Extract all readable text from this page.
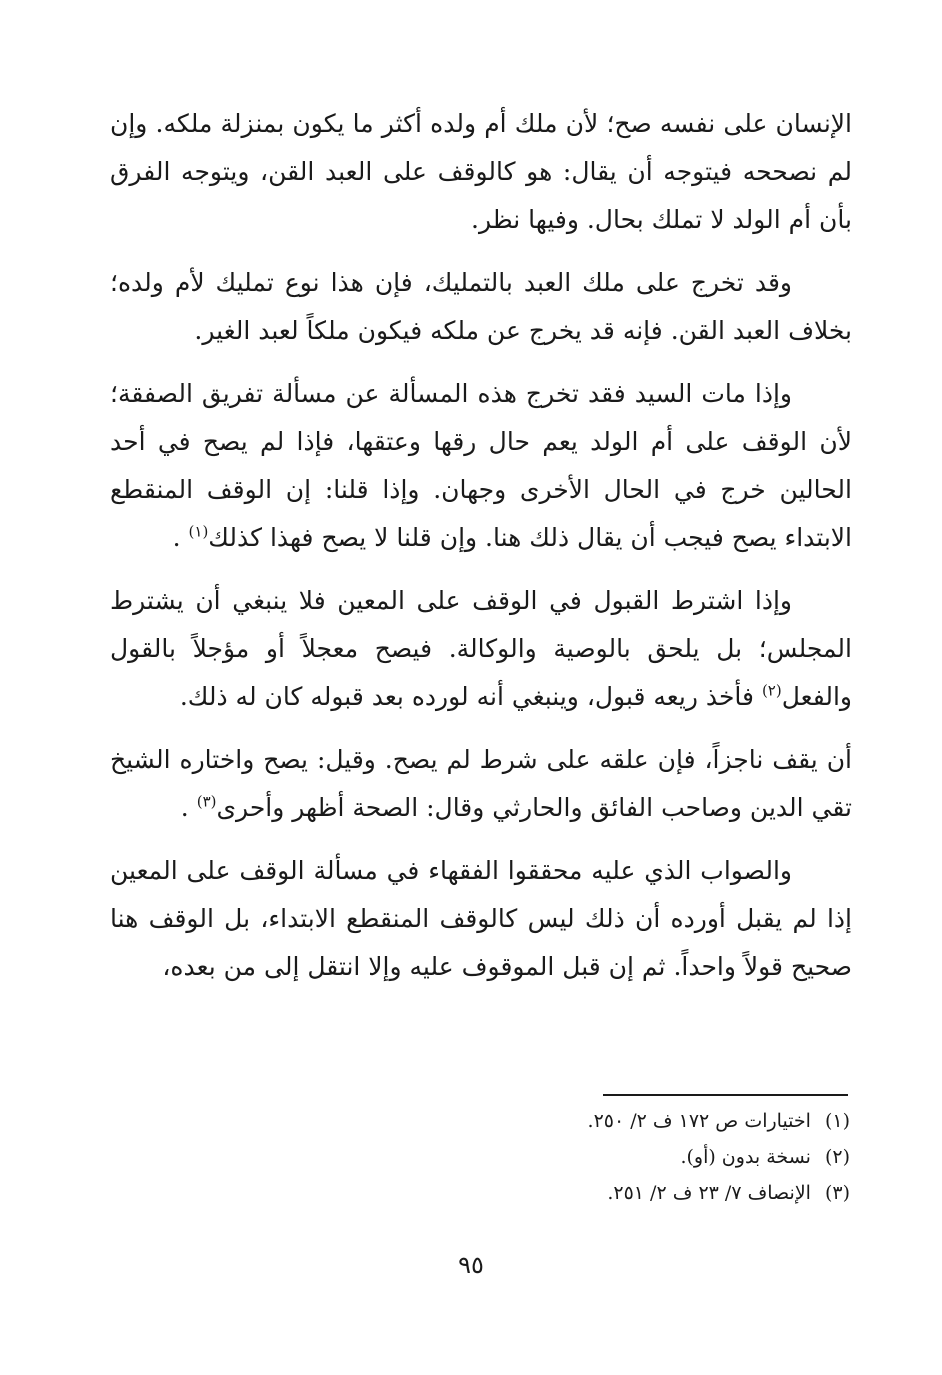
الإنسان على نفسه صح؛ لأن ملك أم ولده أكثر ما يكون بمنزلة ملكه. وإن لم نصححه فيتوجه أن يقال: هو كالوقف على العبد القن، ويتوجه الفرق بأن أم الولد لا تملك بحال. وفيها نظر.

وقد تخرج على ملك العبد بالتمليك، فإن هذا نوع تمليك لأم ولده؛ بخلاف العبد القن. فإنه قد يخرج عن ملكه فيكون ملكاً لعبد الغير.

وإذا مات السيد فقد تخرج هذه المسألة عن مسألة تفريق الصفقة؛ لأن الوقف على أم الولد يعم حال رقها وعتقها، فإذا لم يصح في أحد الحالين خرج في الحال الأخرى وجهان. وإذا قلنا: إن الوقف المنقطع الابتداء يصح فيجب أن يقال ذلك هنا. وإن قلنا لا يصح فهذا كذلك$^{(١)}$ .

وإذا اشترط القبول في الوقف على المعين فلا ينبغي أن يشترط المجلس؛ بل يلحق بالوصية والوكالة. فيصح معجلاً أو مؤجلاً بالقول والفعل$^{(٢)}$ فأخذ ريعه قبول، وينبغي أنه لورده بعد قبوله كان له ذلك.

أن يقف ناجزاً، فإن علقه على شرط لم يصح. وقيل: يصح واختاره الشيخ تقي الدين وصاحب الفائق والحارثي وقال: الصحة أظهر وأحرى$^{(٣)}$ .

والصواب الذي عليه محققوا الفقهاء في مسألة الوقف على المعين إذا لم يقبل أورده أن ذلك ليس كالوقف المنقطع الابتداء، بل الوقف هنا صحيح قولاً واحداً. ثم إن قبل الموقوف عليه وإلا انتقل إلى من بعده،

(١)اختيارات ص ١٧٢ ف ٢/ ٢٥٠.

(٢)نسخة بدون (أو).

(٣)الإنصاف ٧/ ٢٣ ف ٢/ ٢٥١.

٩٥
